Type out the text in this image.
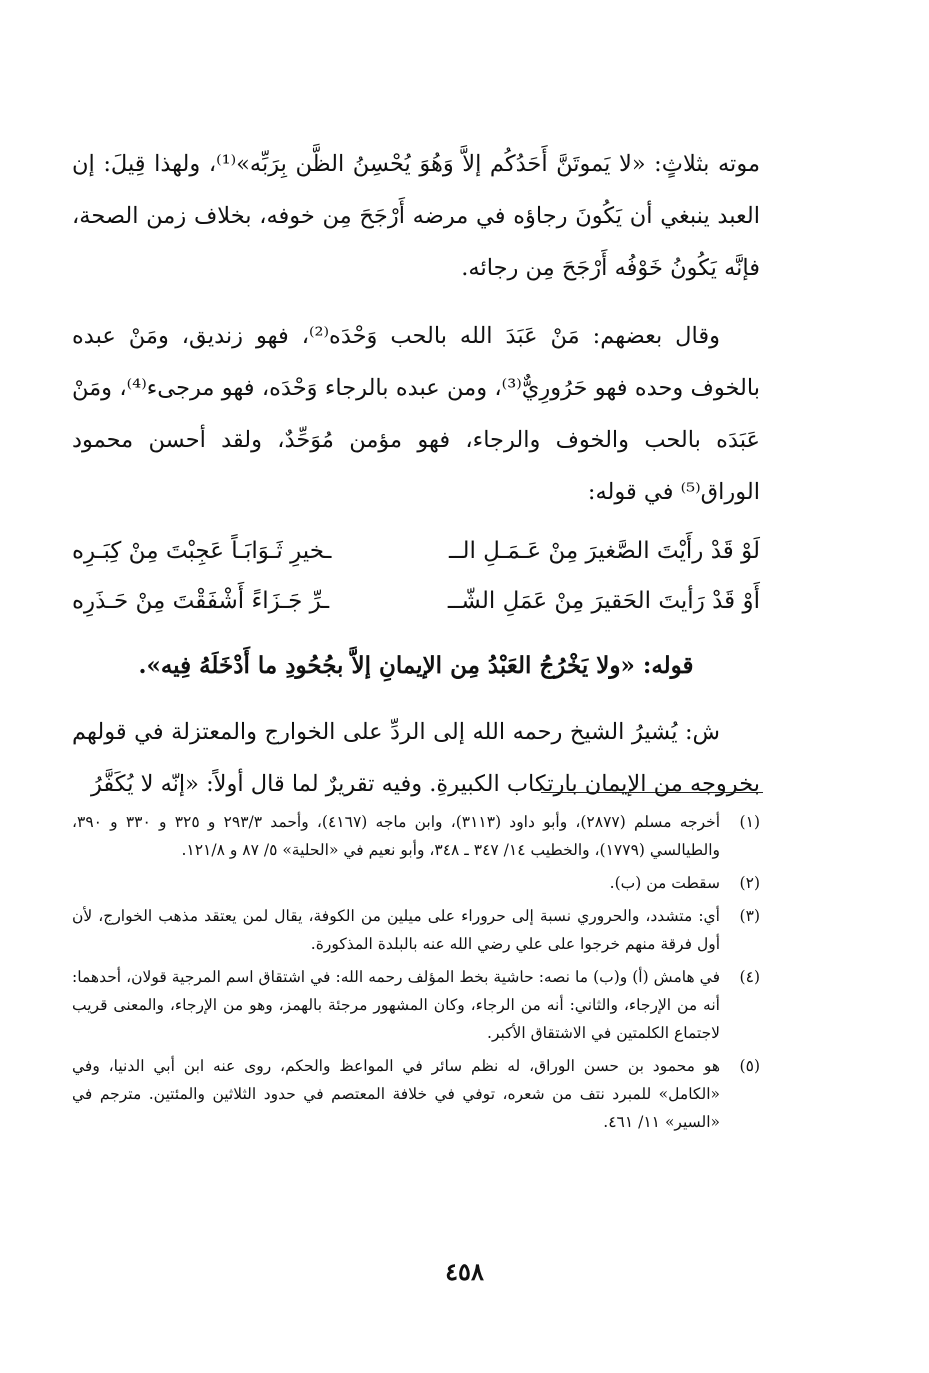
موته بثلاثٍ: «لا يَموتَنَّ أَحَدُكُم إلاَّ وَهُوَ يُحْسِنُ الظَّن بِرَبِّه»⁽¹⁾، ولهذا قِيلَ: إن العبد ينبغي أن يَكُونَ رجاؤه في مرضه أَرْجَحَ مِن خوفه، بخلاف زمن الصحة، فإنَّه يَكُونُ خَوْفُه أَرْجَحَ مِن رجائه.

وقال بعضهم: مَنْ عَبَدَ الله بالحب وَحْدَه⁽²⁾، فهو زنديق، ومَنْ عبده بالخوف وحده فهو حَرُورِيٌّ⁽³⁾، ومن عبده بالرجاء وَحْدَه، فهو مرجىء⁽⁴⁾، ومَنْ عَبَدَه بالحب والخوف والرجاء، فهو مؤمن مُوَحِّدٌ، ولقد أحسن محمود الوراق⁽⁵⁾ في قوله:

لَوْ قَدْ رأَيْتَ الصَّغيرَ مِنْ عَـمَـلِ الــ
ـخيرِ ثَـوَابَـاً عَجِبْتَ مِنْ كِبَـرِه
أَوْ قَدْ رَأيتَ الحَقيرَ مِنْ عَمَلِ الشّــ
ـرِّ جَـزَاءً أَشْفَقْتَ مِنْ حَـذَرِه

قوله: «ولا يَخْرُجُ العَبْدُ مِن الإيمانِ إلاَّ بجُحُودِ ما أَدْخَلَهُ فِيه».

ش: يُشيرُ الشيخ رحمه الله إلى الردِّ على الخوارج والمعتزلة في قولهم بخروجه من الإيمان بارتكاب الكبيرةِ. وفيه تقريرٌ لما قال أولاً: «إنّه لا يُكَفَّرُ

(١)
أخرجه مسلم (٢٨٧٧)، وأبو داود (٣١١٣)، وابن ماجه (٤١٦٧)، وأحمد ٢٩٣/٣ و ٣٢٥ و ٣٣٠ و ٣٩٠، والطيالسي (١٧٧٩)، والخطيب ١٤/ ٣٤٧ ـ ٣٤٨، وأبو نعيم في «الحلية» ٥/ ٨٧ و ١٢١/٨.
(٢)
سقطت من (ب).
(٣)
أي: متشدد، والحروري نسبة إلى حروراء على ميلين من الكوفة، يقال لمن يعتقد مذهب الخوارج، لأن أول فرقة منهم خرجوا على علي رضي الله عنه بالبلدة المذكورة.
(٤)
في هامش (أ) و(ب) ما نصه: حاشية بخط المؤلف رحمه الله: في اشتقاق اسم المرجية قولان، أحدهما: أنه من الإرجاء، والثاني: أنه من الرجاء، وكان المشهور مرجئة بالهمز، وهو من الإرجاء، والمعنى قريب لاجتماع الكلمتين في الاشتقاق الأكبر.
(٥)
هو محمود بن حسن الوراق، له نظم سائر في المواعظ والحكم، روى عنه ابن أبي الدنيا، وفي «الكامل» للمبرد نتف من شعره، توفي في خلافة المعتصم في حدود الثلاثين والمئتين. مترجم في «السير» ١١/ ٤٦١.
٤٥٨
